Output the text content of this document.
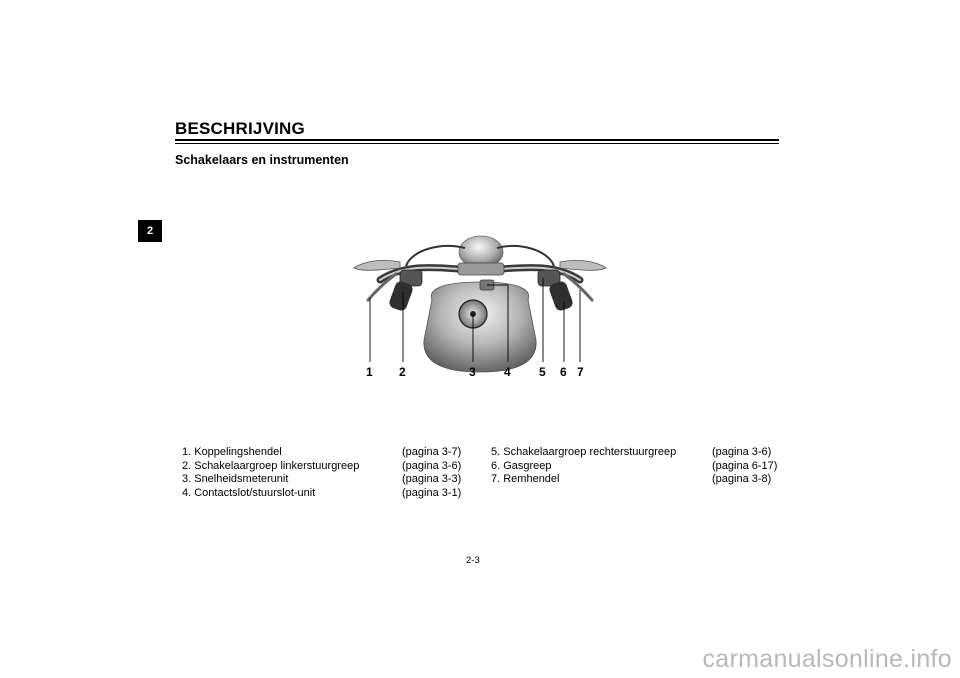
BESCHRIJVING
Schakelaars en instrumenten
2
1 2	3 4 5 6 7
1. Koppelingshendel	(pagina 3-7)
2. Schakelaargroep linkerstuurgreep	(pagina 3-6)
3. Snelheidsmeterunit	(pagina 3-3)
4. Contactslot/stuurslot-unit	(pagina 3-1)
5. Schakelaargroep rechterstuurgreep	(pagina 3-6)
6. Gasgreep	(pagina 6-17)
7. Remhendel	(pagina 3-8)
2-3
carmanualsonline.info
